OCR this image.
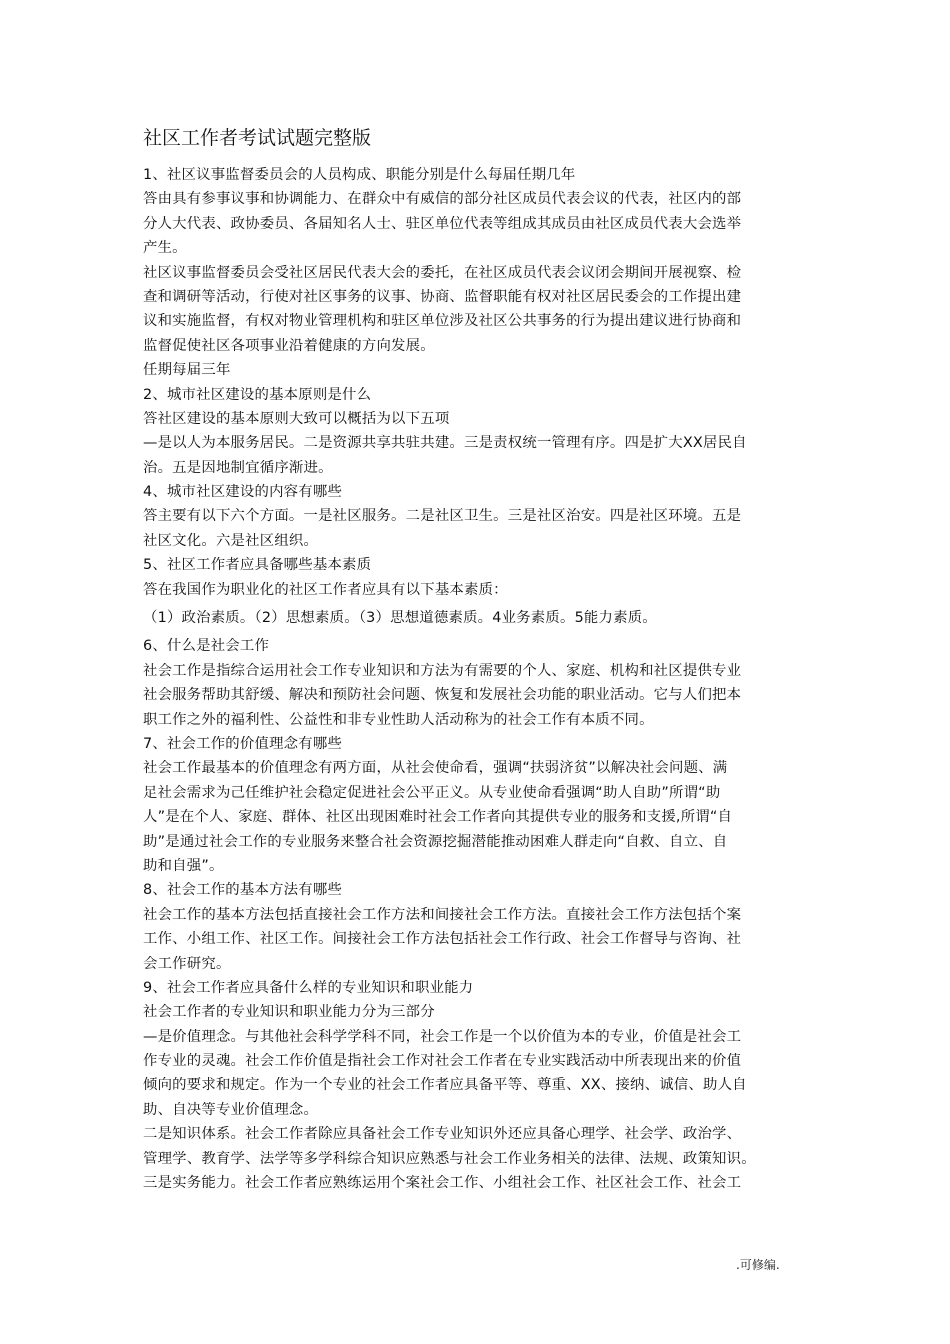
社区工作者考试试题完整版
1、社区议事监督委员会的人员构成、职能分别是什么每届任期几年
答由具有参事议事和协调能力、在群众中有威信的部分社区成员代表会议的代表，社区内的部
分人大代表、政协委员、各届知名人士、驻区单位代表等组成其成员由社区成员代表大会选举
产生。
社区议事监督委员会受社区居民代表大会的委托，在社区成员代表会议闭会期间开展视察、检
查和调研等活动，行使对社区事务的议事、协商、监督职能有权对社区居民委会的工作提出建
议和实施监督，有权对物业管理机构和驻区单位涉及社区公共事务的行为提出建议进行协商和
监督促使社区各项事业沿着健康的方向发展。
任期每届三年
2、城市社区建设的基本原则是什么
答社区建设的基本原则大致可以概括为以下五项
—是以人为本服务居民。二是资源共享共驻共建。三是责权统一管理有序。四是扩大XX居民自
治。五是因地制宜循序渐进。
4、城市社区建设的内容有哪些
答主要有以下六个方面。一是社区服务。二是社区卫生。三是社区治安。四是社区环境。五是
社区文化。六是社区组织。
5、社区工作者应具备哪些基本素质
答在我国作为职业化的社区工作者应具有以下基本素质：
（1）政治素质。（2）思想素质。（3）思想道德素质。4业务素质。5能力素质。
6、什么是社会工作
社会工作是指综合运用社会工作专业知识和方法为有需要的个人、家庭、机构和社区提供专业
社会服务帮助其舒缓、解决和预防社会问题、恢复和发展社会功能的职业活动。它与人们把本
职工作之外的福利性、公益性和非专业性助人活动称为的社会工作有本质不同。
7、社会工作的价值理念有哪些
社会工作最基本的价值理念有两方面，从社会使命看，强调“扶弱济贫”以解决社会问题、满
足社会需求为己任维护社会稳定促进社会公平正义。从专业使命看强调“助人自助”所谓“助
人”是在个人、家庭、群体、社区出现困难时社会工作者向其提供专业的服务和支援,所谓“自
助”是通过社会工作的专业服务来整合社会资源挖掘潜能推动困难人群走向“自救、自立、自
助和自强”。
8、社会工作的基本方法有哪些
社会工作的基本方法包括直接社会工作方法和间接社会工作方法。直接社会工作方法包括个案
工作、小组工作、社区工作。间接社会工作方法包括社会工作行政、社会工作督导与咨询、社
会工作研究。
9、社会工作者应具备什么样的专业知识和职业能力
社会工作者的专业知识和职业能力分为三部分
—是价值理念。与其他社会科学学科不同，社会工作是一个以价值为本的专业，价值是社会工
作专业的灵魂。社会工作价值是指社会工作对社会工作者在专业实践活动中所表现出来的价值
倾向的要求和规定。作为一个专业的社会工作者应具备平等、尊重、XX、接纳、诚信、助人自
助、自决等专业价值理念。
二是知识体系。社会工作者除应具备社会工作专业知识外还应具备心理学、社会学、政治学、
管理学、教育学、法学等多学科综合知识应熟悉与社会工作业务相关的法律、法规、政策知识。
三是实务能力。社会工作者应熟练运用个案社会工作、小组社会工作、社区社会工作、社会工
.可修编.
